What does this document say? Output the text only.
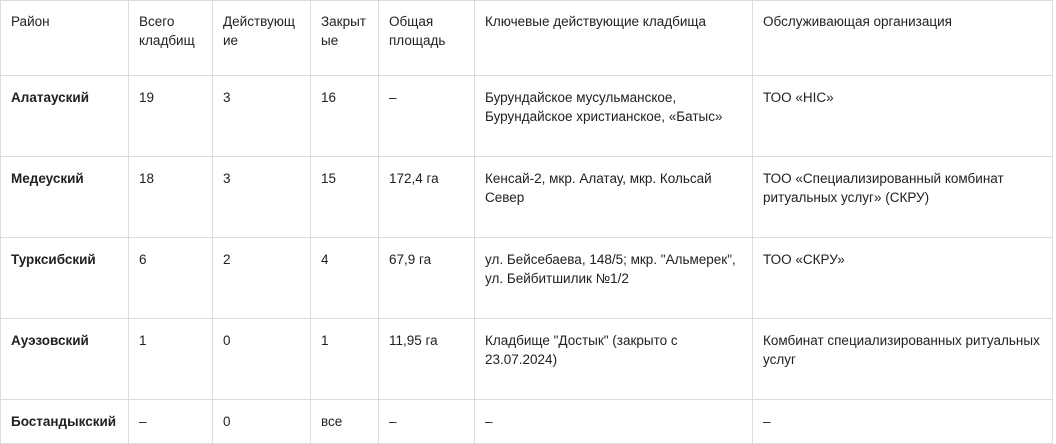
Район	Всего кладбищ	Действующие	Закрытые	Общая площадь	Ключевые действующие кладбища	Обслуживающая организация
Алатауский	19	3	16	–	Бурундайское мусульманское, Бурундайское христианское, «Батыс»	ТОО «HIC»
Медеуский	18	3	15	172,4 га	Кенсай-2, мкр. Алатау, мкр. Кольсай Север	ТОО «Специализированный комбинат ритуальных услуг» (СКРУ)
Турксибский	6	2	4	67,9 га	ул. Бейсебаева, 148/5; мкр. "Альмерек", ул. Бейбитшилик №1/2	ТОО «СКРУ»
Ауэзовский	1	0	1	11,95 га	Кладбище "Достык" (закрыто с 23.07.2024)	Комбинат специализированных ритуальных услуг
Бостандыкский	–	0	все	–	–	–
